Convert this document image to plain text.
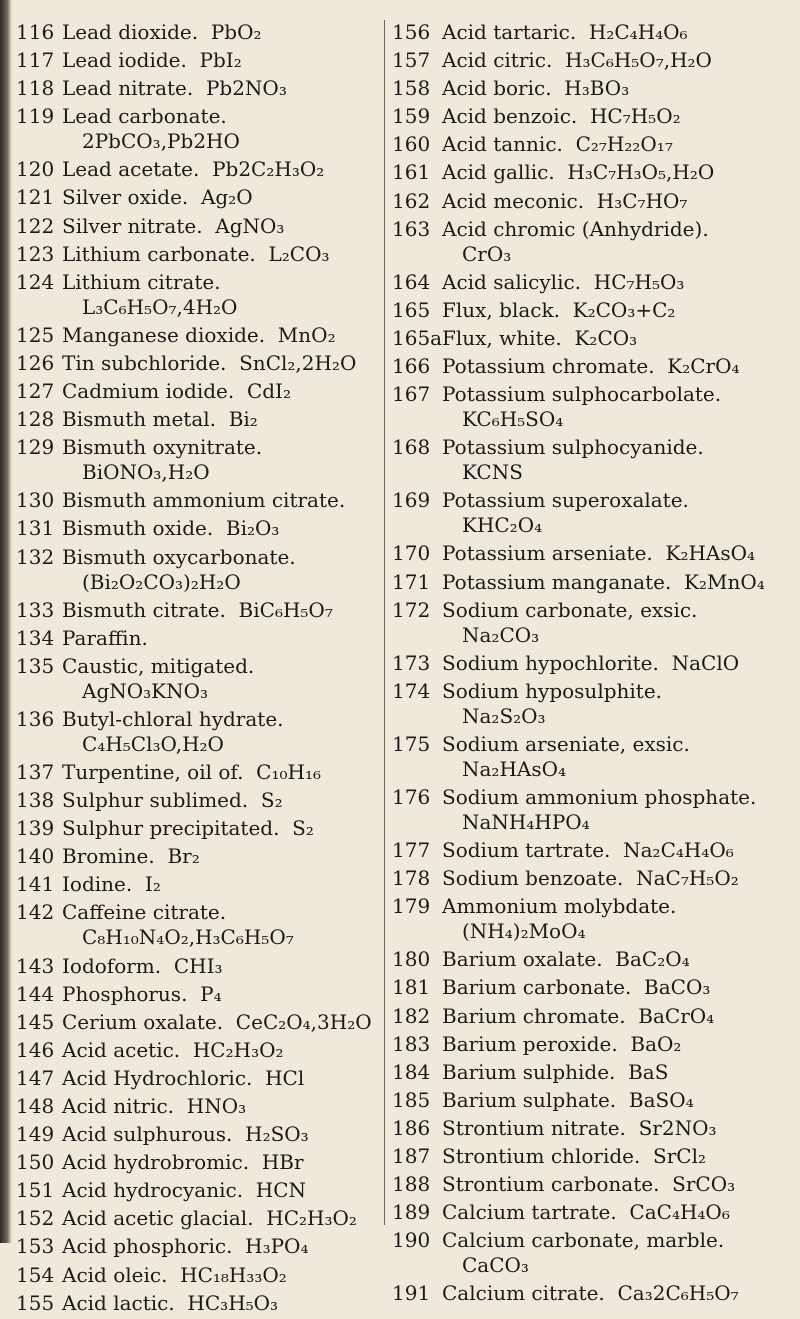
116 Lead dioxide.  PbO₂
117 Lead iodide.  PbI₂
118 Lead nitrate.  Pb2NO₃
119 Lead carbonate.
2PbCO₃,Pb2HO
120 Lead acetate.  Pb2C₂H₃O₂
121 Silver oxide.  Ag₂O
122 Silver nitrate.  AgNO₃
123 Lithium carbonate.  L₂CO₃
124 Lithium citrate.
L₃C₆H₅O₇,4H₂O
125 Manganese dioxide.  MnO₂
126 Tin subchloride.  SnCl₂,2H₂O
127 Cadmium iodide.  CdI₂
128 Bismuth metal.  Bi₂
129 Bismuth oxynitrate.
BiONO₃,H₂O
130 Bismuth ammonium citrate.
131 Bismuth oxide.  Bi₂O₃
132 Bismuth oxycarbonate.
(Bi₂O₂CO₃)₂H₂O
133 Bismuth citrate.  BiC₆H₅O₇
134 Paraffin.
135 Caustic, mitigated.
AgNO₃KNO₃
136 Butyl-chloral hydrate.
C₄H₅Cl₃O,H₂O
137 Turpentine, oil of.  C₁₀H₁₆
138 Sulphur sublimed.  S₂
139 Sulphur precipitated.  S₂
140 Bromine.  Br₂
141 Iodine.  I₂
142 Caffeine citrate.
C₈H₁₀N₄O₂,H₃C₆H₅O₇
143 Iodoform.  CHI₃
144 Phosphorus.  P₄
145 Cerium oxalate.  CeC₂O₄,3H₂O
146 Acid acetic.  HC₂H₃O₂
147 Acid Hydrochloric.  HCl
148 Acid nitric.  HNO₃
149 Acid sulphurous.  H₂SO₃
150 Acid hydrobromic.  HBr
151 Acid hydrocyanic.  HCN
152 Acid acetic glacial.  HC₂H₃O₂
153 Acid phosphoric.  H₃PO₄
154 Acid oleic.  HC₁₈H₃₃O₂
155 Acid lactic.  HC₃H₅O₃
156 Acid tartaric.  H₂C₄H₄O₆
157 Acid citric.  H₃C₆H₅O₇,H₂O
158 Acid boric.  H₃BO₃
159 Acid benzoic.  HC₇H₅O₂
160 Acid tannic.  C₂₇H₂₂O₁₇
161 Acid gallic.  H₃C₇H₃O₅,H₂O
162 Acid meconic.  H₃C₇HO₇
163 Acid chromic (Anhydride).
CrO₃
164 Acid salicylic.  HC₇H₅O₃
165 Flux, black.  K₂CO₃+C₂
165a Flux, white.  K₂CO₃
166 Potassium chromate.  K₂CrO₄
167 Potassium sulphocarbolate.
KC₆H₅SO₄
168 Potassium sulphocyanide.
KCNS
169 Potassium superoxalate.
KHC₂O₄
170 Potassium arseniate.  K₂HAsO₄
171 Potassium manganate.  K₂MnO₄
172 Sodium carbonate, exsic.
Na₂CO₃
173 Sodium hypochlorite.  NaClO
174 Sodium hyposulphite.
Na₂S₂O₃
175 Sodium arseniate, exsic.
Na₂HAsO₄
176 Sodium ammonium phosphate.
NaNH₄HPO₄
177 Sodium tartrate.  Na₂C₄H₄O₆
178 Sodium benzoate.  NaC₇H₅O₂
179 Ammonium molybdate.
(NH₄)₂MoO₄
180 Barium oxalate.  BaC₂O₄
181 Barium carbonate.  BaCO₃
182 Barium chromate.  BaCrO₄
183 Barium peroxide.  BaO₂
184 Barium sulphide.  BaS
185 Barium sulphate.  BaSO₄
186 Strontium nitrate.  Sr2NO₃
187 Strontium chloride.  SrCl₂
188 Strontium carbonate.  SrCO₃
189 Calcium tartrate.  CaC₄H₄O₆
190 Calcium carbonate, marble.
CaCO₃
191 Calcium citrate.  Ca₃2C₆H₅O₇
